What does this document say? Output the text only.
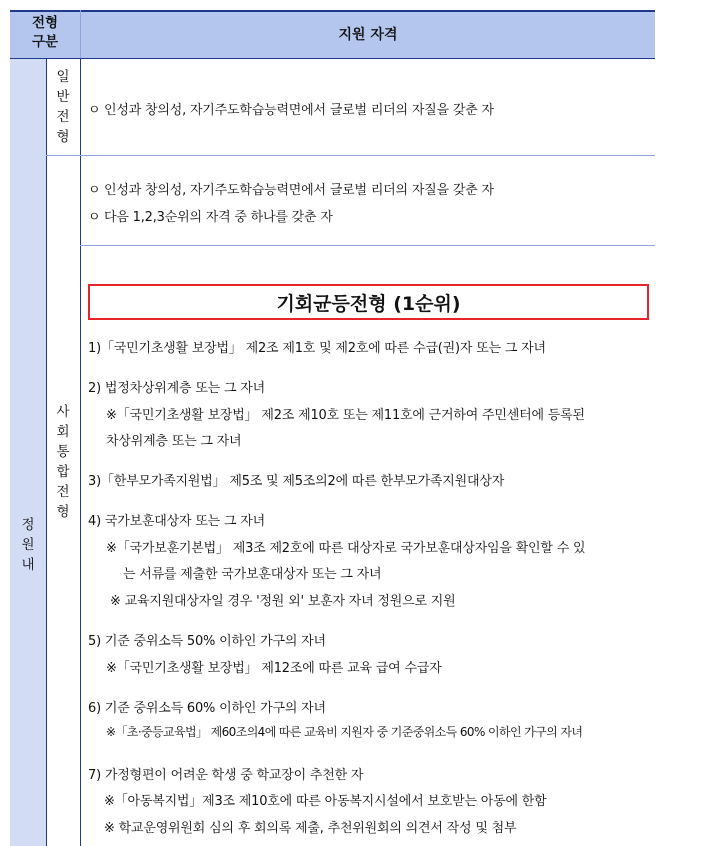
전형
구분	지원 자격
정
원
내
일
반
전
형
사
회
통
합
전
형
ㅇ 인성과 창의성, 자기주도학습능력면에서 글로벌 리더의 자질을 갖춘 자
ㅇ 인성과 창의성, 자기주도학습능력면에서 글로벌 리더의 자질을 갖춘 자
ㅇ 다음 1,2,3순위의 자격 중 하나를 갖춘 자
기회균등전형 (1순위)
1)「국민기초생활 보장법」 제2조 제1호 및 제2호에 따른 수급(권)자 또는 그 자녀
2) 법정차상위계층 또는 그 자녀
※「국민기초생활 보장법」 제2조 제10호 또는 제11호에 근거하여 주민센터에 등록된
차상위계층 또는 그 자녀
3)「한부모가족지원법」 제5조 및 제5조의2에 따른 한부모가족지원대상자
4) 국가보훈대상자 또는 그 자녀
※「국가보훈기본법」 제3조 제2호에 따른 대상자로 국가보훈대상자임을 확인할 수 있
는 서류를 제출한 국가보훈대상자 또는 그 자녀
※ 교육지원대상자일 경우 '정원 외' 보훈자 자녀 정원으로 지원
5) 기준 중위소득 50% 이하인 가구의 자녀
※「국민기초생활 보장법」 제12조에 따른 교육 급여 수급자
6) 기준 중위소득 60% 이하인 가구의 자녀
※「초·중등교육법」 제60조의4에 따른 교육비 지원자 중 기준중위소득 60% 이하인 가구의 자녀
7) 가정형편이 어려운 학생 중 학교장이 추천한 자
※「아동복지법」제3조 제10호에 따른 아동복지시설에서 보호받는 아동에 한함
※ 학교운영위원회 심의 후 회의록 제출, 추천위원회의 의견서 작성 및 첨부
